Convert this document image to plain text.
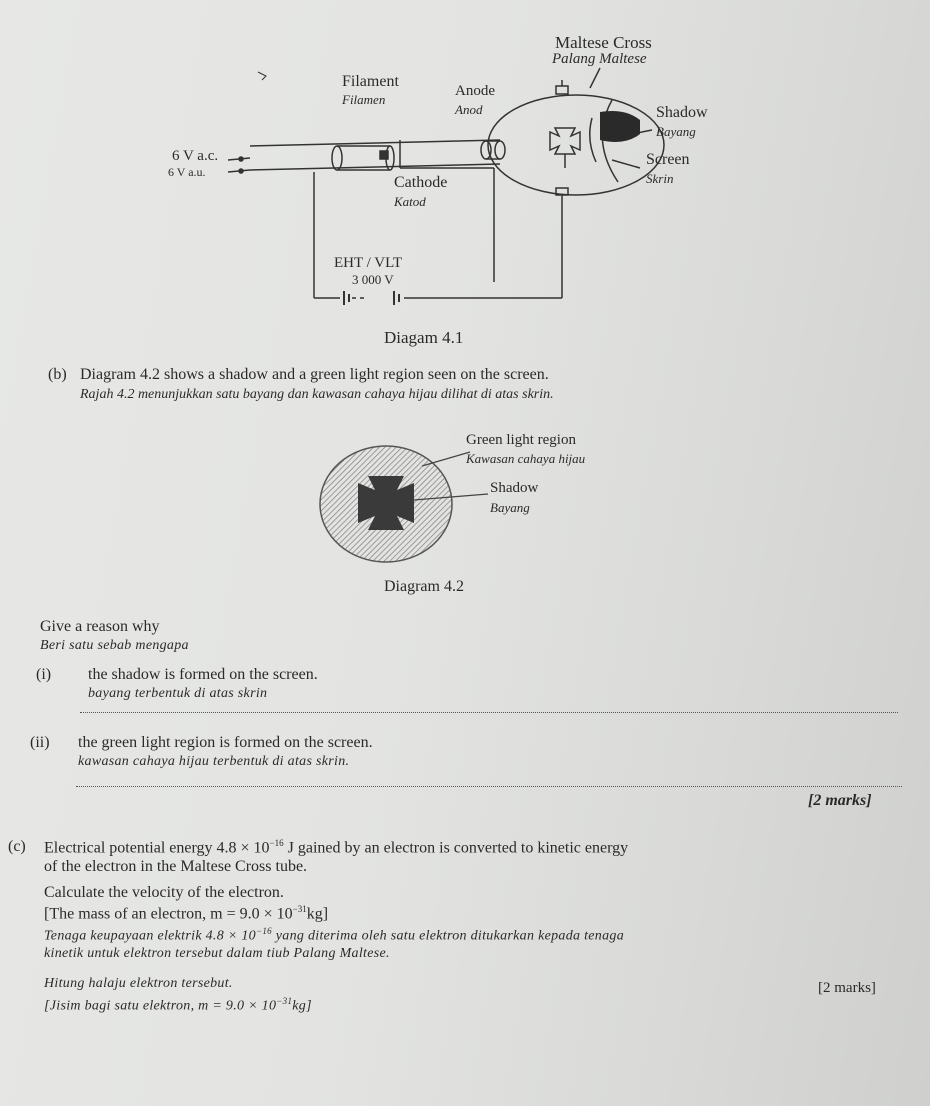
Maltese Cross
Palang Maltese
Filament
Filamen
Anode
Anod	Shadow
Bayang
6 V a.c.
6 V a.u.
Screen
Skrin
Cathode
Katod
EHT / VLT
3 000 V
Diagam 4.1
(b) Diagram 4.2 shows a shadow and a green light region seen on the screen.
Rajah 4.2 menunjukkan satu bayang dan kawasan cahaya hijau dilihat di atas skrin.
Green light region
Kawasan cahaya hijau
Shadow
Bayang
Diagram 4.2
Give a reason why
Beri satu sebab mengapa
(i) the shadow is formed on the screen.
bayang terbentuk di atas skrin
(ii) the green light region is formed on the screen.
kawasan cahaya hijau terbentuk di atas skrin.
[2 marks]
(c) Electrical potential energy $4.8 \times 10^{-16}$ J gained by an electron is converted to kinetic energy
of the electron in the Maltese Cross tube.
Calculate the velocity of the electron.
[The mass of an electron, $m = 9.0 \times 10^{-31}kg$]
Tenaga keupayaan elektrik $4.8 \times 10^{-16}$ yang diterima oleh satu elektron ditukarkan kepada tenaga
kinetik untuk elektron tersebut dalam tiub Palang Maltese.
Hitung halaju elektron tersebut.
[Jisim bagi satu elektron, $m = 9.0 \times 10^{-31}kg$]
[2 marks]
